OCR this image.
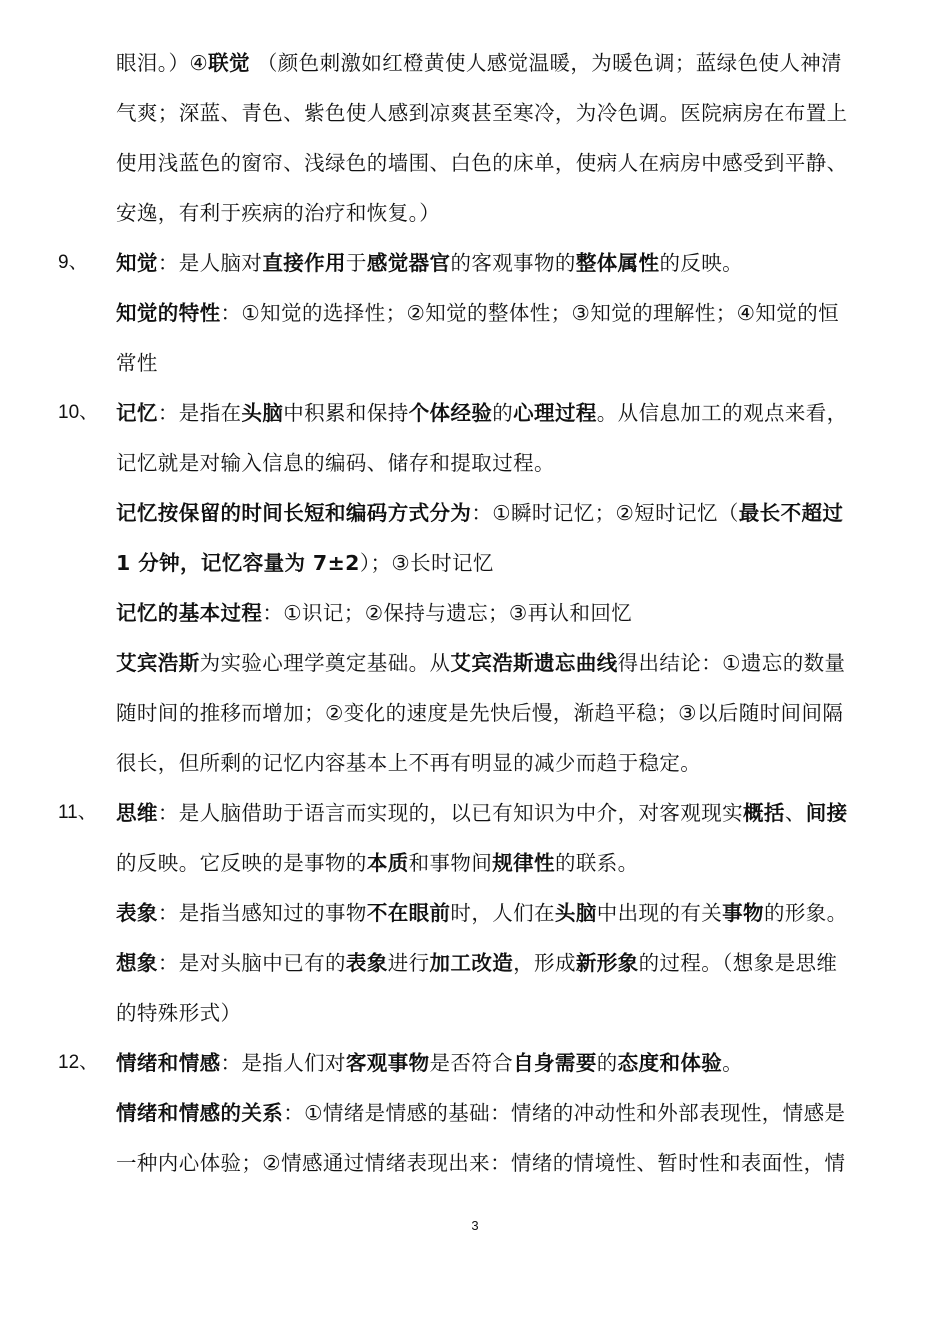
眼泪。）④联觉 （颜色刺激如红橙黄使人感觉温暖，为暖色调；蓝绿色使人神清
气爽；深蓝、青色、紫色使人感到凉爽甚至寒冷，为冷色调。医院病房在布置上
使用浅蓝色的窗帘、浅绿色的墙围、白色的床单，使病人在病房中感受到平静、
安逸，有利于疾病的治疗和恢复。）
9、 知觉：是人脑对直接作用于感觉器官的客观事物的整体属性的反映。
知觉的特性：①知觉的选择性；②知觉的整体性；③知觉的理解性；④知觉的恒
常性
10、 记忆：是指在头脑中积累和保持个体经验的心理过程。从信息加工的观点来看，
记忆就是对输入信息的编码、储存和提取过程。
记忆按保留的时间长短和编码方式分为：①瞬时记忆；②短时记忆（最长不超过
1 分钟，记忆容量为 7±2）；③长时记忆
记忆的基本过程：①识记；②保持与遗忘；③再认和回忆
艾宾浩斯为实验心理学奠定基础。从艾宾浩斯遗忘曲线得出结论：①遗忘的数量
随时间的推移而增加；②变化的速度是先快后慢，渐趋平稳；③以后随时间间隔
很长，但所剩的记忆内容基本上不再有明显的减少而趋于稳定。
11、 思维：是人脑借助于语言而实现的，以已有知识为中介，对客观现实概括、间接
的反映。它反映的是事物的本质和事物间规律性的联系。
表象：是指当感知过的事物不在眼前时，人们在头脑中出现的有关事物的形象。
想象：是对头脑中已有的表象进行加工改造，形成新形象的过程。（想象是思维
的特殊形式）
12、 情绪和情感：是指人们对客观事物是否符合自身需要的态度和体验。
情绪和情感的关系：①情绪是情感的基础：情绪的冲动性和外部表现性，情感是
一种内心体验；②情感通过情绪表现出来：情绪的情境性、暂时性和表面性，情
3
